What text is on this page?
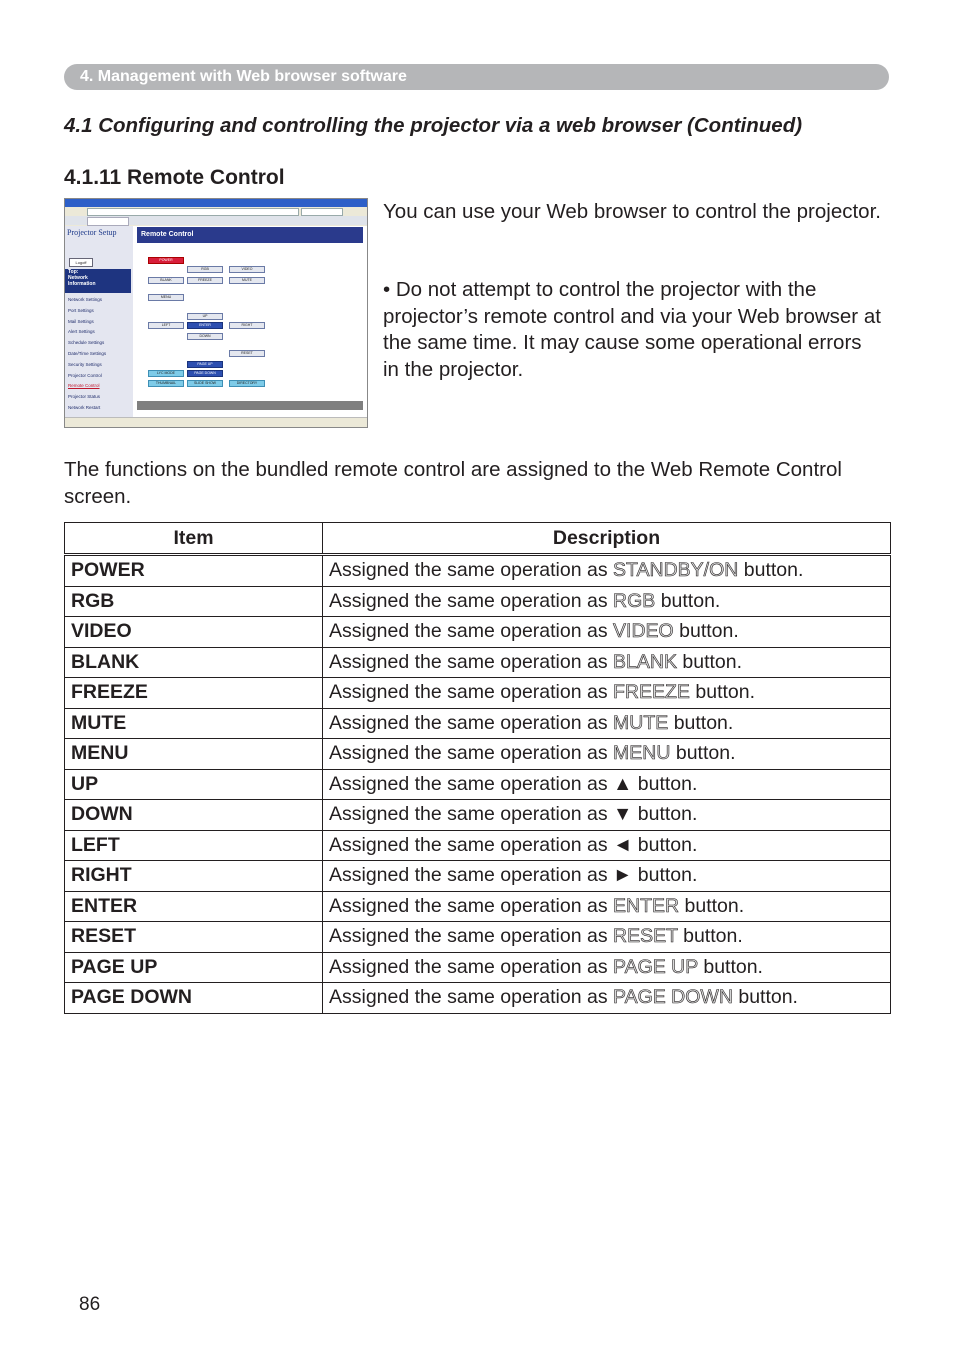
4. Management with Web browser software
4.1 Configuring and controlling the projector via a web browser (Continued)
4.1.11 Remote Control
Projector Setup
Logoff
Top:
Network
Information
Network Settings
Port Settings
Mail Settings
Alert Settings
Schedule Settings
Date/Time Settings
Security Settings
Projector Control
Remote Control
Projector Status
Network Restart
Remote Control
POWER
RGB	VIDEO
BLANK	FREEZE	MUTE
MENU
UP
LEFT	ENTER	RIGHT
DOWN
RESET
PAGE UP
LYC MODE	PAGE DOWN
THUMBNAIL	SLIDE SHOW	DIRECTORY

You can use your Web browser to control the projector.

• Do not attempt to control the projector with the projector’s remote control and via your Web browser at the same time. It may cause some operational errors in the projector.

The functions on the bundled remote control are assigned to the Web Remote Control screen.

Item	Description
POWER	Assigned the same operation as STANDBY/ON button.
RGB	Assigned the same operation as RGB button.
VIDEO	Assigned the same operation as VIDEO button.
BLANK	Assigned the same operation as BLANK button.
FREEZE	Assigned the same operation as FREEZE button.
MUTE	Assigned the same operation as MUTE button.
MENU	Assigned the same operation as MENU button.
UP	Assigned the same operation as ▲ button.
DOWN	Assigned the same operation as ▼ button.
LEFT	Assigned the same operation as ◄ button.
RIGHT	Assigned the same operation as ► button.
ENTER	Assigned the same operation as ENTER button.
RESET	Assigned the same operation as RESET button.
PAGE UP	Assigned the same operation as PAGE UP button.
PAGE DOWN	Assigned the same operation as PAGE DOWN button.
86
